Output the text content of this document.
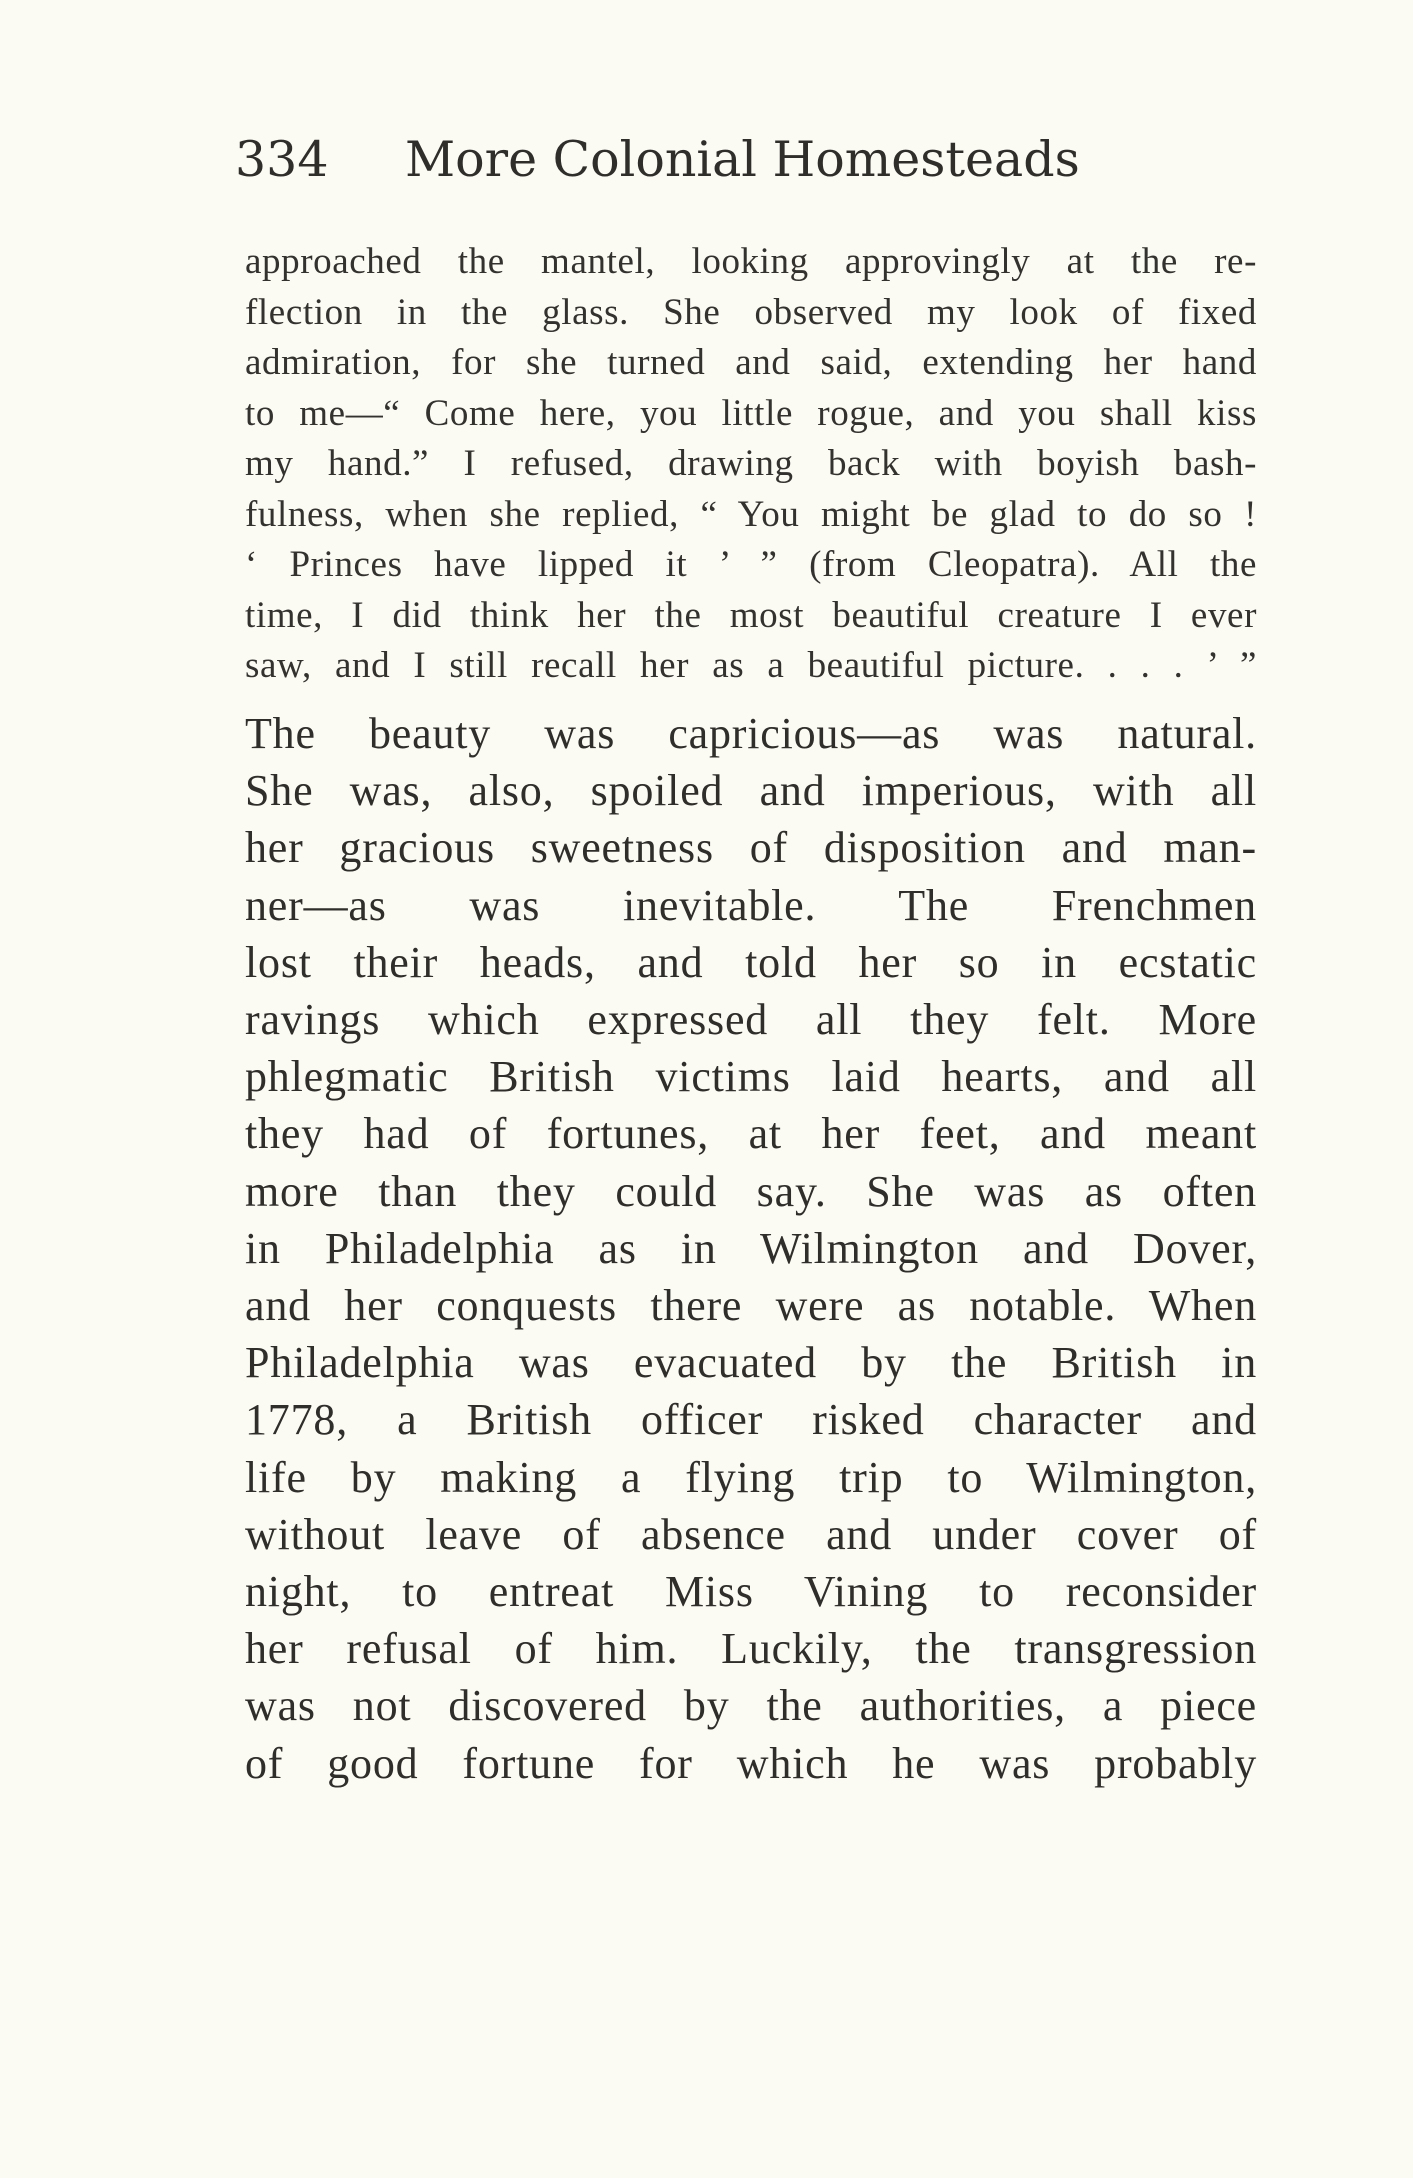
334 More Colonial Homesteads
approached the mantel, looking approvingly at the re-
flection in the glass. She observed my look of fixed
admiration, for she turned and said, extending her hand
to me—“ Come here, you little rogue, and you shall kiss
my hand.” I refused, drawing back with boyish bash-
fulness, when she replied, “ You might be glad to do so !
‘ Princes have lipped it ’ ” (from Cleopatra). All the
time, I did think her the most beautiful creature I ever
saw, and I still recall her as a beautiful picture. . . . ’ ”
The beauty was capricious—as was natural.
She was, also, spoiled and imperious, with all
her gracious sweetness of disposition and man-
ner—as was inevitable. The Frenchmen
lost their heads, and told her so in ecstatic
ravings which expressed all they felt. More
phlegmatic British victims laid hearts, and all
they had of fortunes, at her feet, and meant
more than they could say. She was as often
in Philadelphia as in Wilmington and Dover,
and her conquests there were as notable. When
Philadelphia was evacuated by the British in
1778, a British officer risked character and
life by making a flying trip to Wilmington,
without leave of absence and under cover of
night, to entreat Miss Vining to reconsider
her refusal of him. Luckily, the transgression
was not discovered by the authorities, a piece
of good fortune for which he was probably
